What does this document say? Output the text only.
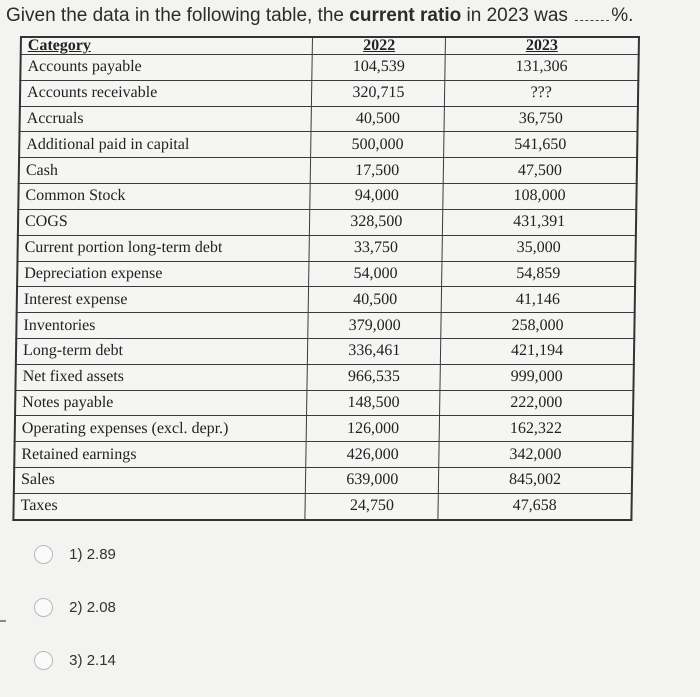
Given the data in the following table, the current ratio in 2023 was %.
Category	2022	2023
Accounts payable	104,539	131,306
Accounts receivable	320,715	???
Accruals	40,500	36,750
Additional paid in capital	500,000	541,650
Cash	17,500	47,500
Common Stock	94,000	108,000
COGS	328,500	431,391
Current portion long-term debt	33,750	35,000
Depreciation expense	54,000	54,859
Interest expense	40,500	41,146
Inventories	379,000	258,000
Long-term debt	336,461	421,194
Net fixed assets	966,535	999,000
Notes payable	148,500	222,000
Operating expenses (excl. depr.)	126,000	162,322
Retained earnings	426,000	342,000
Sales	639,000	845,002
Taxes	24,750	47,658
1) 2.89
2) 2.08
3) 2.14
